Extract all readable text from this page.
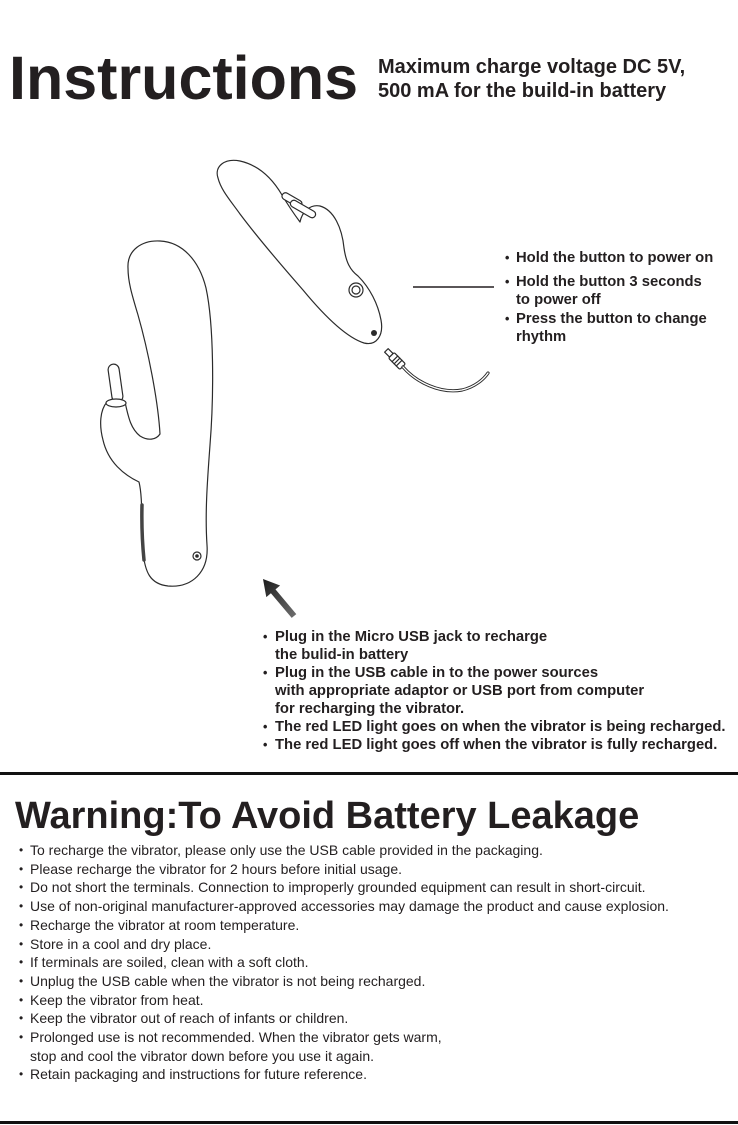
Instructions Maximum charge voltage DC 5V,
500 mA for the build-in battery
• Hold the button to power on
• Hold the button 3 seconds
to power off
• Press the button to change
rhythm
• Plug in the Micro USB jack to recharge
the bulid-in battery
• Plug in the USB cable in to the power sources
with appropriate adaptor or USB port from computer
for recharging the vibrator.
• The red LED light goes on when the vibrator is being recharged.
• The red LED light goes off when the vibrator is fully recharged.
Warning:To Avoid Battery Leakage
• To recharge the vibrator, please only use the USB cable provided in the packaging.
• Please recharge the vibrator for 2 hours before initial usage.
• Do not short the terminals. Connection to improperly grounded equipment can result in short-circuit.
• Use of non-original manufacturer-approved accessories may damage the product and cause explosion.
• Recharge the vibrator at room temperature.
• Store in a cool and dry place.
• If terminals are soiled, clean with a soft cloth.
• Unplug the USB cable when the vibrator is not being recharged.
• Keep the vibrator from heat.
• Keep the vibrator out of reach of infants or children.
• Prolonged use is not recommended. When the vibrator gets warm,
stop and cool the vibrator down before you use it again.
• Retain packaging and instructions for future reference.
